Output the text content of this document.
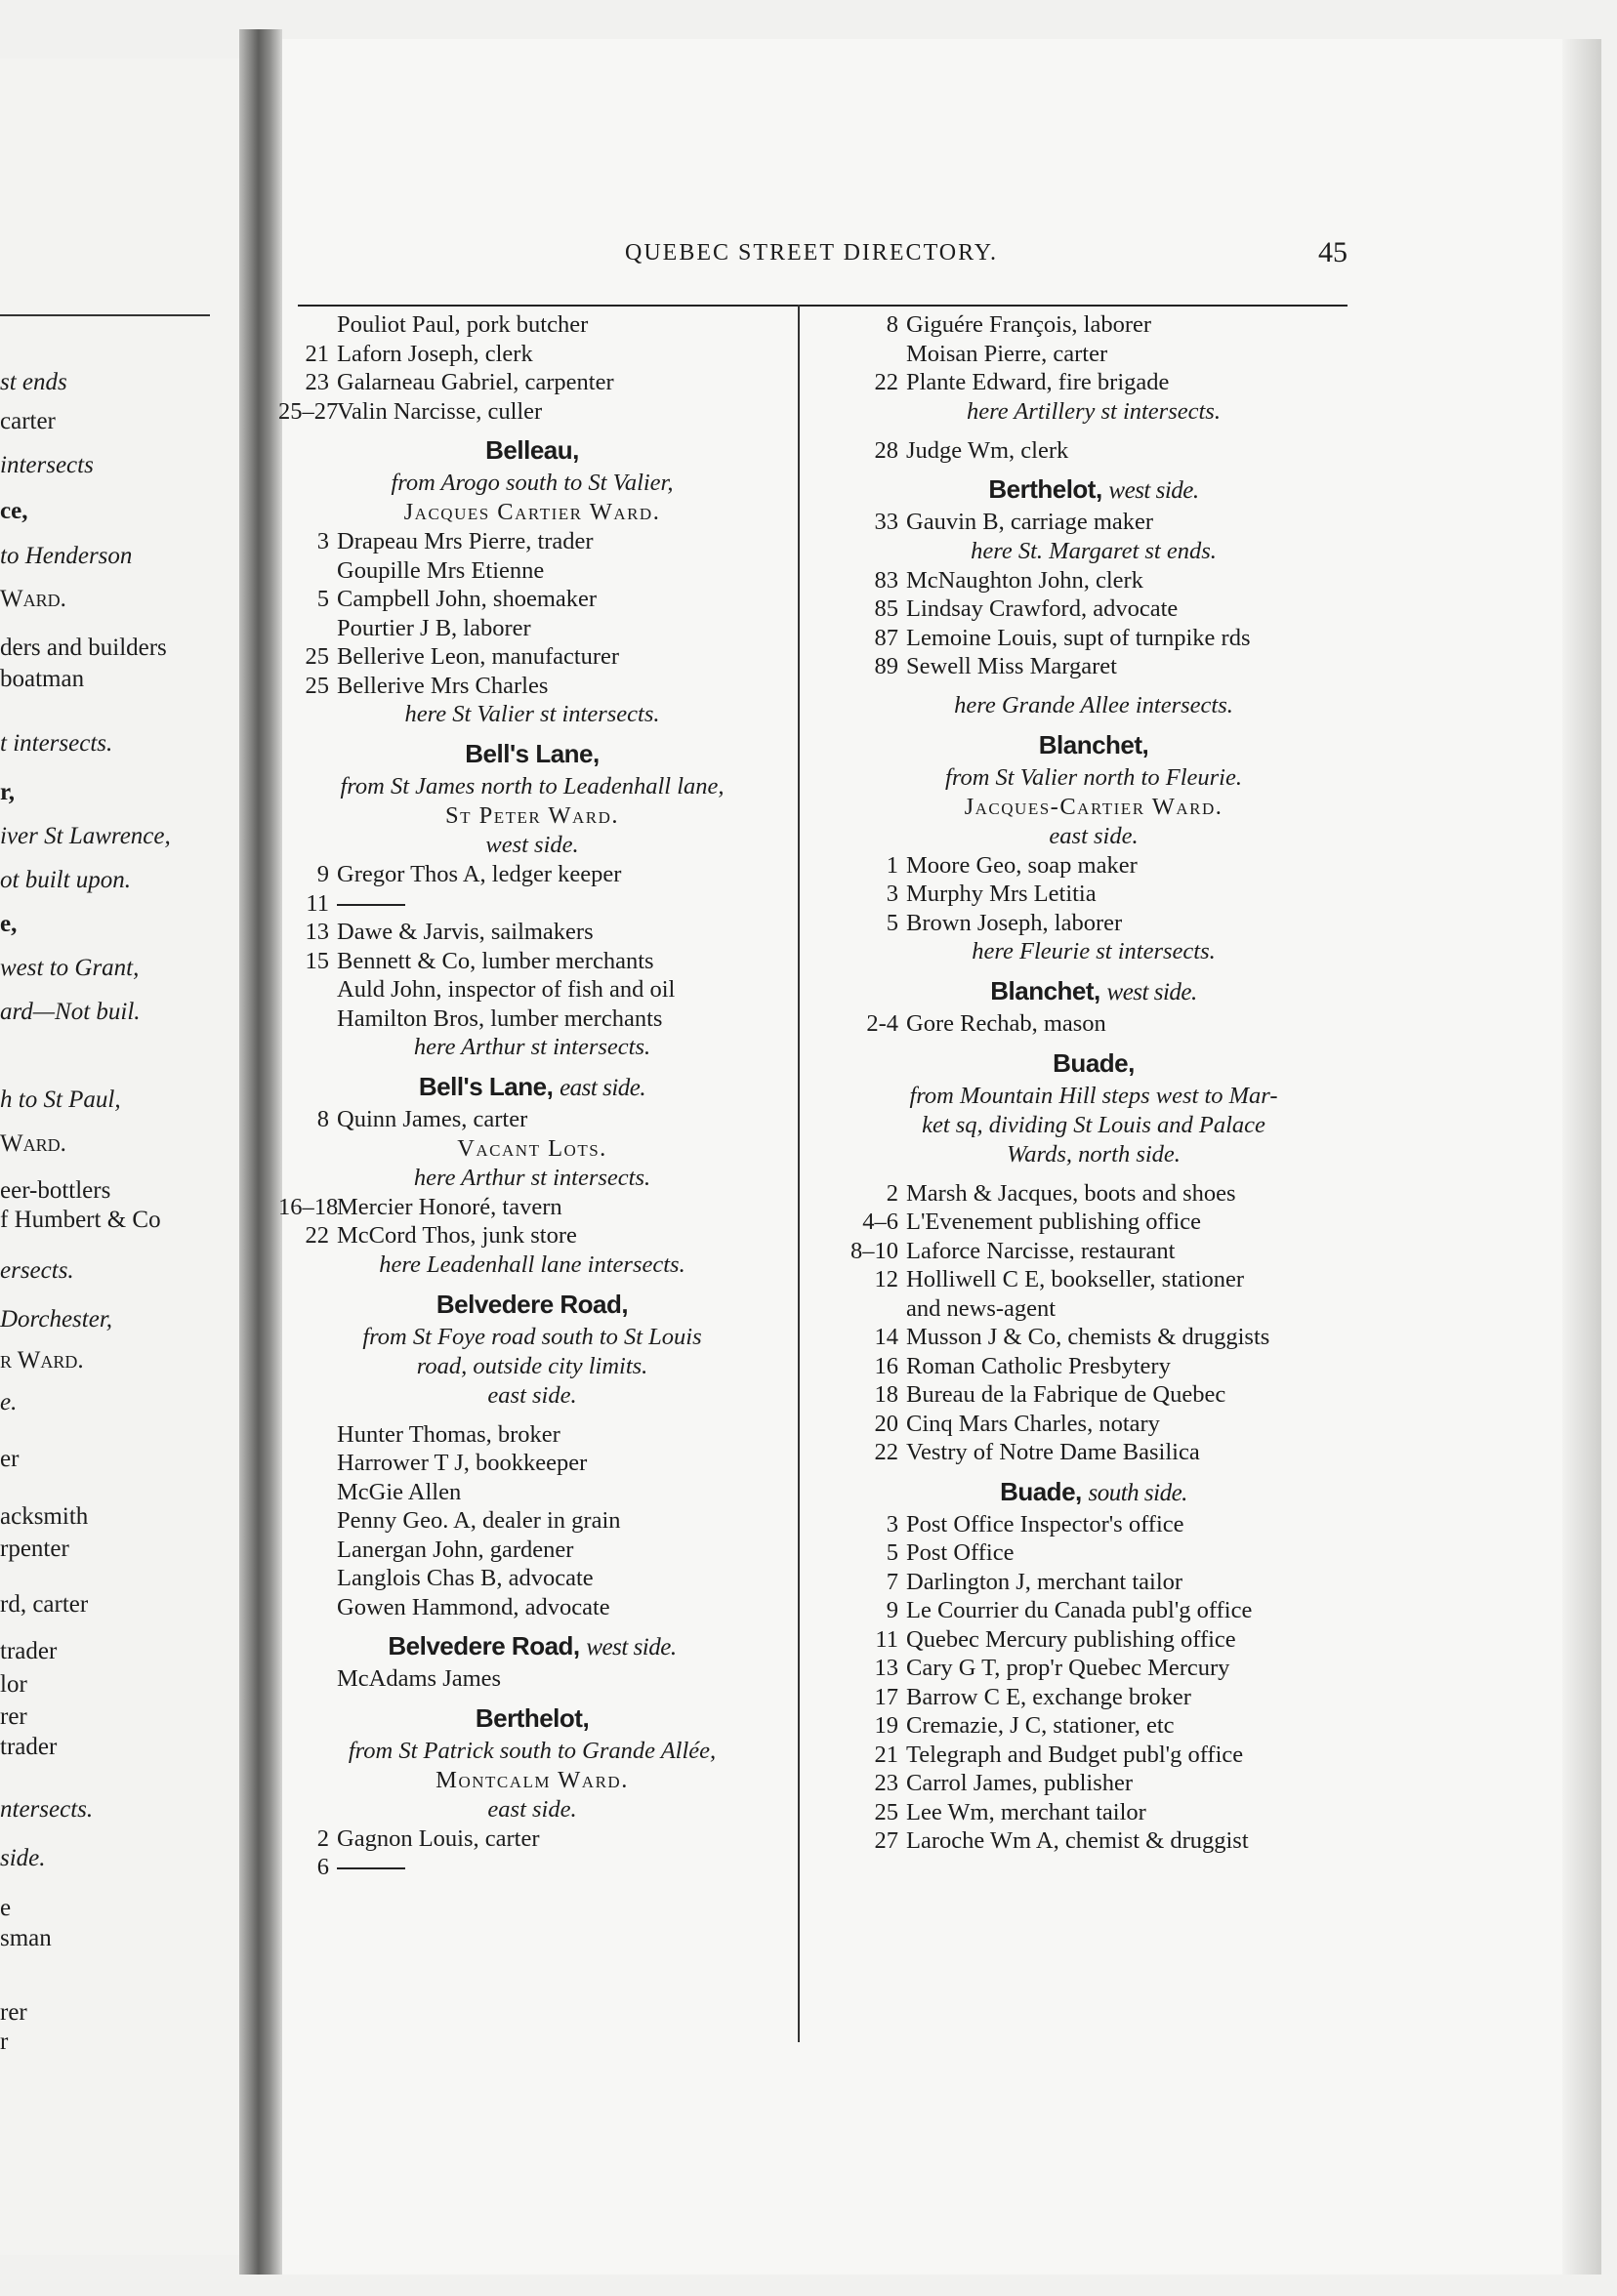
st ends
carter
intersects
ce,
to Henderson
Ward.
ders and builders
boatman
t intersects.
r,
iver St Lawrence,
ot built upon.
e,
west to Grant,
ard—Not buil.
h to St Paul,
Ward.
eer-bottlers
f Humbert & Co
ersects.
Dorchester,
r Ward.
e.
er
acksmith
rpenter
rd, carter
trader
lor
rer
trader
ntersects.
side.
e
sman
rer
r
QUEBEC STREET DIRECTORY.	45
Pouliot Paul, pork butcher
21 Laforn Joseph, clerk
23 Galarneau Gabriel, carpenter
25–27Valin Narcisse, culler
Belleau,
from Arogo south to St Valier,
Jacques Cartier Ward.
3 Drapeau Mrs Pierre, trader
Goupille Mrs Etienne
5 Campbell John, shoemaker
Pourtier J B, laborer
25 Bellerive Leon, manufacturer
25 Bellerive Mrs Charles
here St Valier st intersects.
Bell's Lane,
from St James north to Leadenhall lane,
St Peter Ward.
west side.
9 Gregor Thos A, ledger keeper
11
13 Dawe & Jarvis, sailmakers
15 Bennett & Co, lumber merchants
Auld John, inspector of fish and oil
Hamilton Bros, lumber merchants
here Arthur st intersects.
Bell's Lane, east side.
8 Quinn James, carter
Vacant Lots.
here Arthur st intersects.
16–18Mercier Honoré, tavern
22 McCord Thos, junk store
here Leadenhall lane intersects.
Belvedere Road,
from St Foye road south to St Louis
road, outside city limits.
east side.
Hunter Thomas, broker
Harrower T J, bookkeeper
McGie Allen
Penny Geo. A, dealer in grain
Lanergan John, gardener
Langlois Chas B, advocate
Gowen Hammond, advocate
Belvedere Road, west side.
McAdams James
Berthelot,
from St Patrick south to Grande Allée,
Montcalm Ward.
east side.
2 Gagnon Louis, carter
6
8 Giguére François, laborer
Moisan Pierre, carter
22 Plante Edward, fire brigade
here Artillery st intersects.
28 Judge Wm, clerk
Berthelot, west side.
33 Gauvin B, carriage maker
here St. Margaret st ends.
83 McNaughton John, clerk
85 Lindsay Crawford, advocate
87 Lemoine Louis, supt of turnpike rds
89 Sewell Miss Margaret
here Grande Allee intersects.
Blanchet,
from St Valier north to Fleurie.
Jacques-Cartier Ward.
east side.
1 Moore Geo, soap maker
3 Murphy Mrs Letitia
5 Brown Joseph, laborer
here Fleurie st intersects.
Blanchet, west side.
2-4 Gore Rechab, mason
Buade,
from Mountain Hill steps west to Mar-
ket sq, dividing St Louis and Palace
Wards, north side.
2 Marsh & Jacques, boots and shoes
4–6 L'Evenement publishing office
8–10 Laforce Narcisse, restaurant
12 Holliwell C E, bookseller, stationer
and news-agent
14 Musson J & Co, chemists & druggists
16 Roman Catholic Presbytery
18 Bureau de la Fabrique de Quebec
20 Cinq Mars Charles, notary
22 Vestry of Notre Dame Basilica
Buade, south side.
3 Post Office Inspector's office
5 Post Office
7 Darlington J, merchant tailor
9 Le Courrier du Canada publ'g office
11 Quebec Mercury publishing office
13 Cary G T, prop'r Quebec Mercury
17 Barrow C E, exchange broker
19 Cremazie, J C, stationer, etc
21 Telegraph and Budget publ'g office
23 Carrol James, publisher
25 Lee Wm, merchant tailor
27 Laroche Wm A, chemist & druggist
